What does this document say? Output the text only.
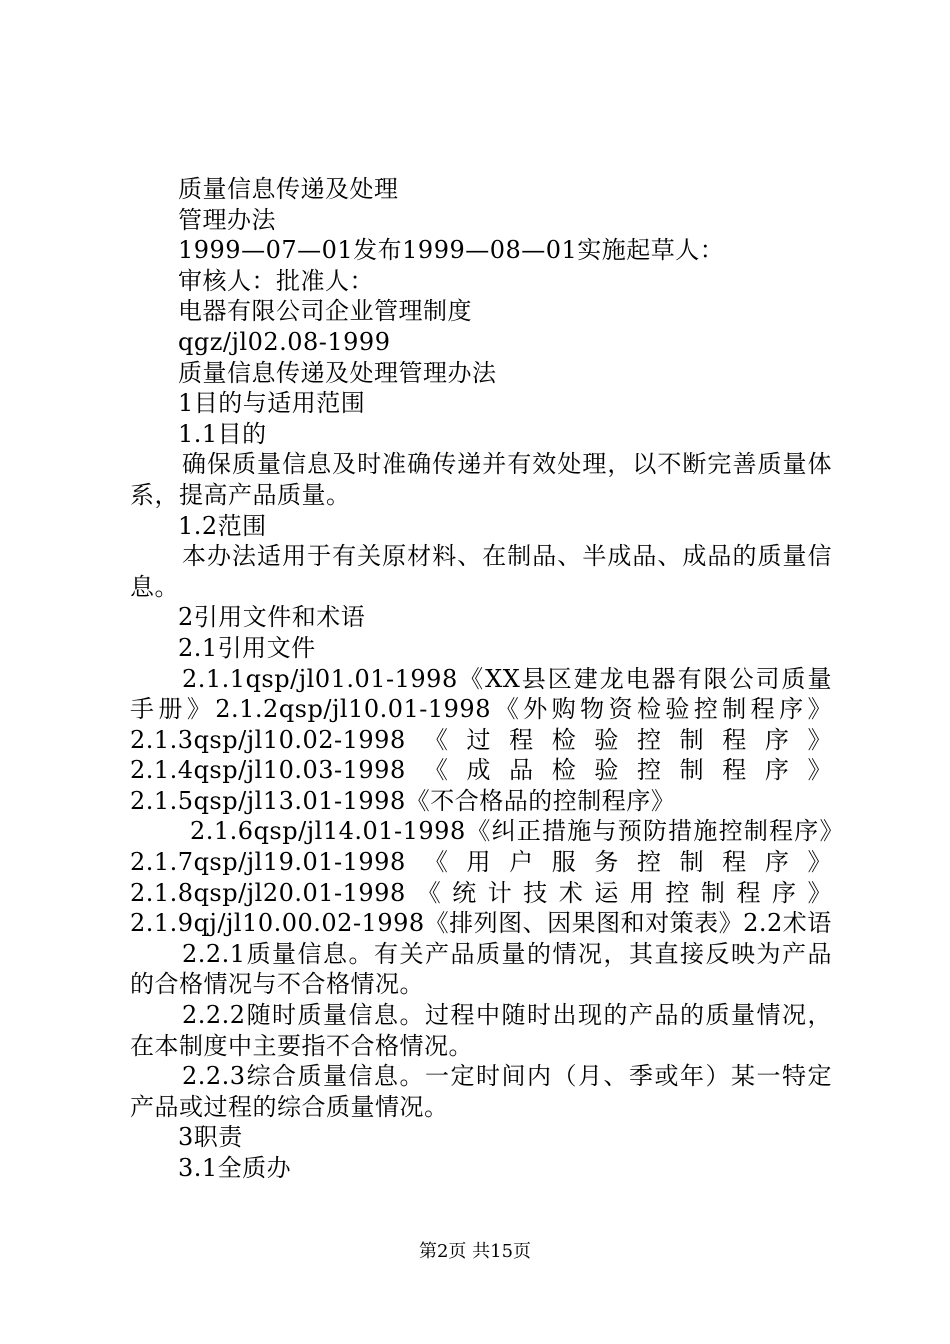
质量信息传递及处理

管理办法

1999—07—01发布1999—08—01实施起草人：

审核人：批准人：

电器有限公司企业管理制度

qgz/jl02.08-1999

质量信息传递及处理管理办法

1目的与适用范围

1.1目的

确保质量信息及时准确传递并有效处理，以不断完善质量体系，提高产品质量。

1.2范围

本办法适用于有关原材料、在制品、半成品、成品的质量信息。

2引用文件和术语

2.1引用文件

2.1.1qsp/jl01.01-1998《XX县区建龙电器有限公司质量手册》2.1.2qsp/jl10.01-1998《外购物资检验控制程序》2.1.3qsp/jl10.02-1998《过程检验控制程序》2.1.4qsp/jl10.03-1998《成品检验控制程序》2.1.5qsp/jl13.01-1998《不合格品的控制程序》

2.1.6qsp/jl14.01-1998《纠正措施与预防措施控制程序》2.1.7qsp/jl19.01-1998《用户服务控制程序》2.1.8qsp/jl20.01-1998《统计技术运用控制程序》2.1.9qj/jl10.00.02-1998《排列图、因果图和对策表》2.2术语

2.2.1质量信息。有关产品质量的情况，其直接反映为产品的合格情况与不合格情况。

2.2.2随时质量信息。过程中随时出现的产品的质量情况，在本制度中主要指不合格情况。

2.2.3综合质量信息。一定时间内（月、季或年）某一特定产品或过程的综合质量情况。

3职责

3.1全质办

第2页 共15页
